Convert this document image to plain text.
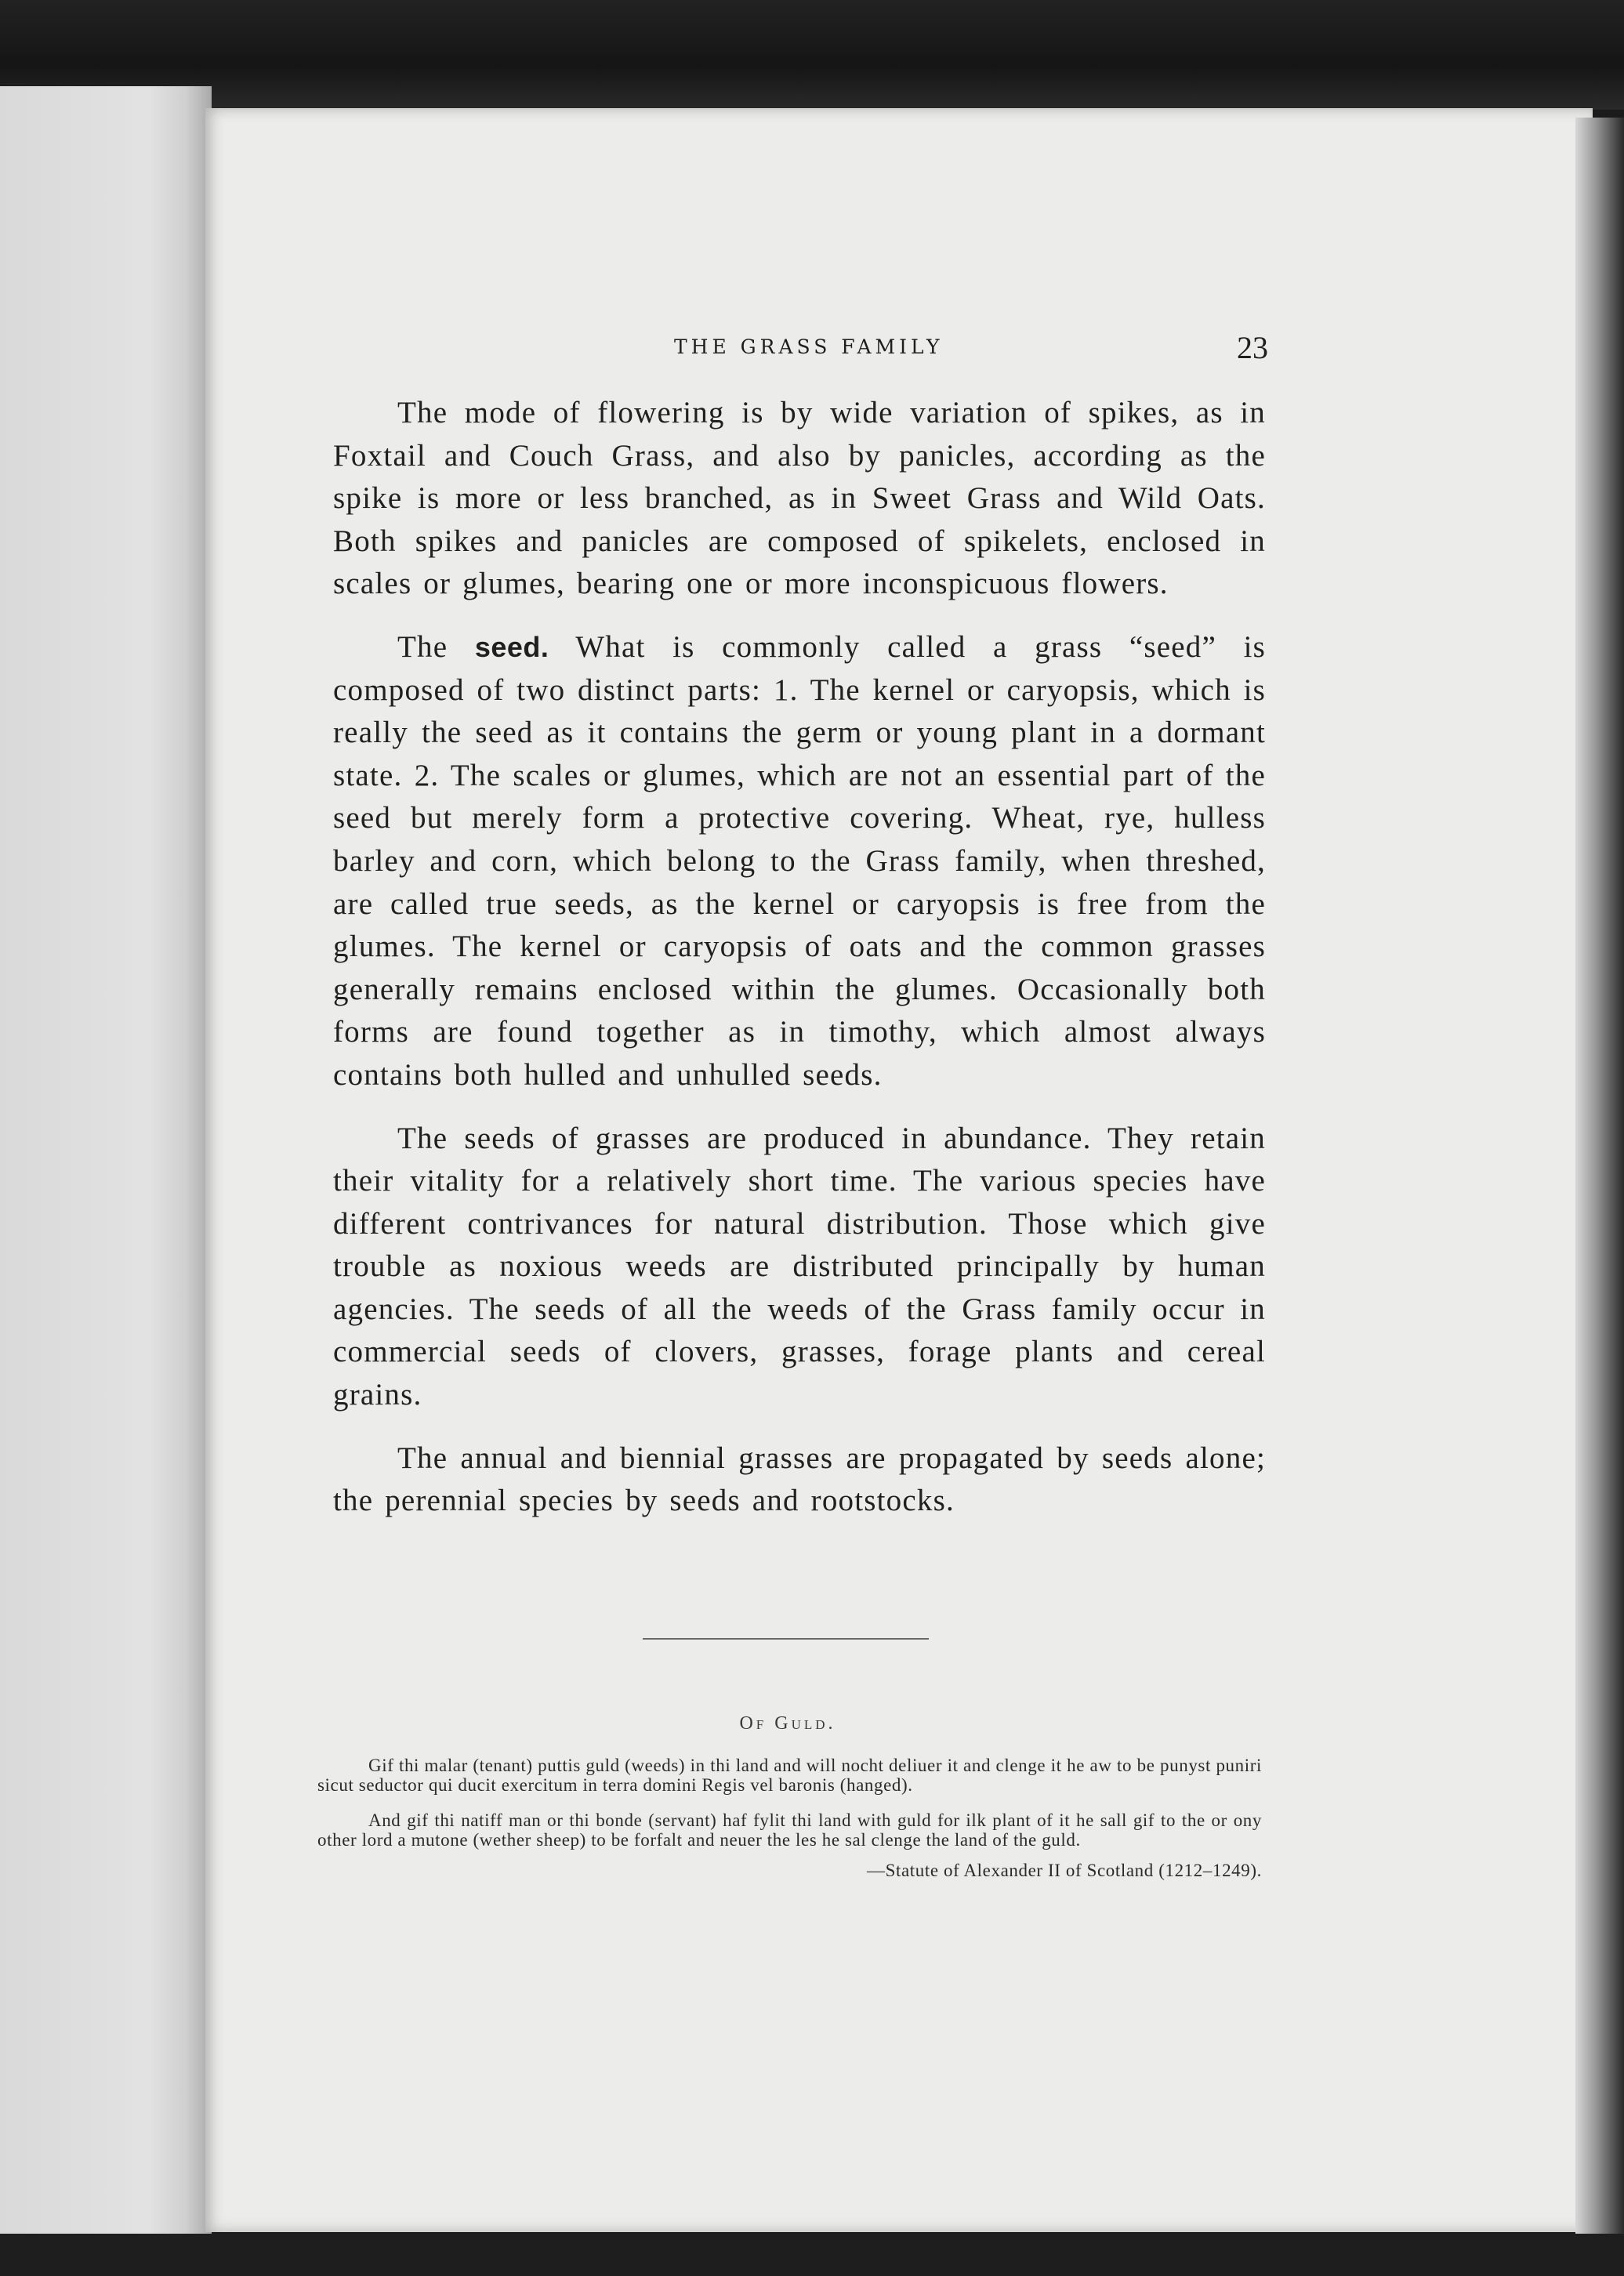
THE GRASS FAMILY	23

The mode of flowering is by wide variation of spikes, as in Foxtail and Couch Grass, and also by panicles, according as the spike is more or less branched, as in Sweet Grass and Wild Oats. Both spikes and panicles are composed of spikelets, enclosed in scales or glumes, bearing one or more inconspicuous flowers.

The seed. What is commonly called a grass “seed” is composed of two distinct parts: 1. The kernel or caryopsis, which is really the seed as it contains the germ or young plant in a dormant state. 2. The scales or glumes, which are not an essential part of the seed but merely form a protective covering. Wheat, rye, hulless barley and corn, which belong to the Grass family, when threshed, are called true seeds, as the kernel or caryopsis is free from the glumes. The kernel or caryopsis of oats and the common grasses generally remains enclosed within the glumes. Occasionally both forms are found together as in timothy, which almost always contains both hulled and unhulled seeds.

The seeds of grasses are produced in abundance. They retain their vitality for a relatively short time. The various species have different contrivances for natural distribution. Those which give trouble as noxious weeds are distributed principally by human agencies. The seeds of all the weeds of the Grass family occur in commercial seeds of clovers, grasses, forage plants and cereal grains.

The annual and biennial grasses are propagated by seeds alone; the perennial species by seeds and rootstocks.

Of Guld.

Gif thi malar (tenant) puttis guld (weeds) in thi land and will nocht deliuer it and clenge it he aw to be punyst puniri sicut seductor qui ducit exercitum in terra domini Regis vel baronis (hanged).

And gif thi natiff man or thi bonde (servant) haf fylit thi land with guld for ilk plant of it he sall gif to the or ony other lord a mutone (wether sheep) to be forfalt and neuer the les he sal clenge the land of the guld.

—Statute of Alexander II of Scotland (1212–1249).
